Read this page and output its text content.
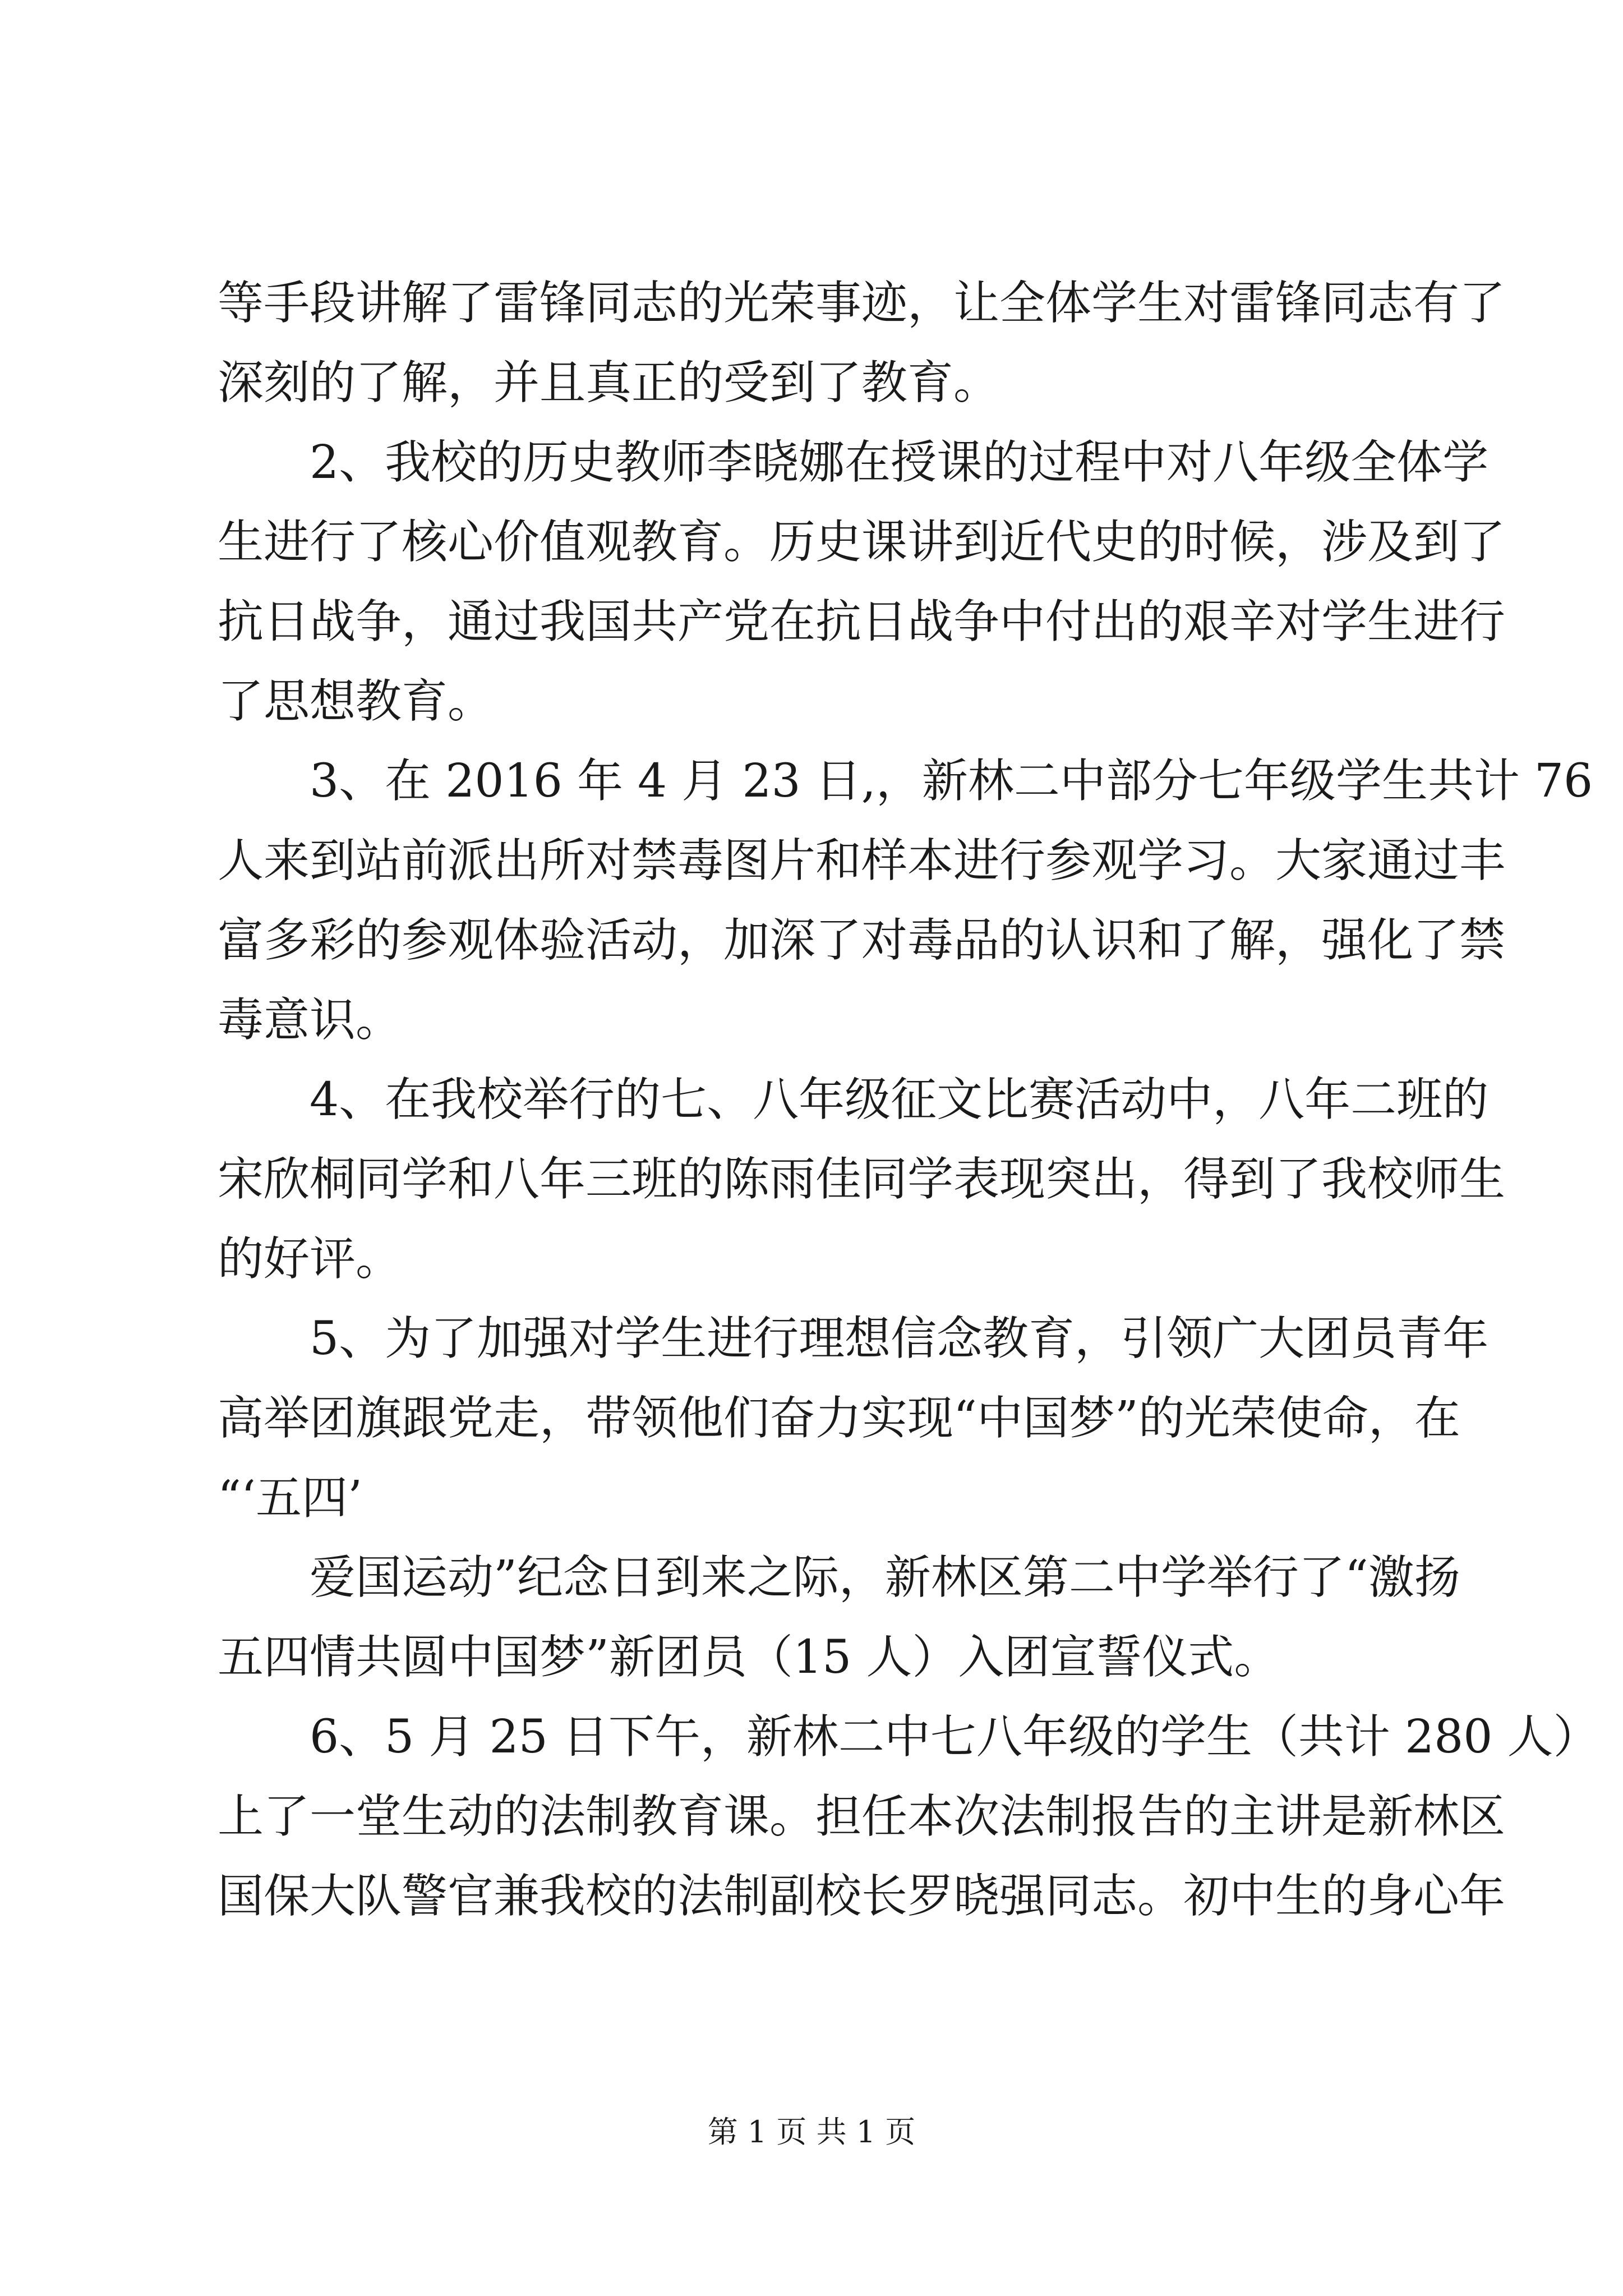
等手段讲解了雷锋同志的光荣事迹，让全体学生对雷锋同志有了
深刻的了解，并且真正的受到了教育。
2、我校的历史教师李晓娜在授课的过程中对八年级全体学
生进行了核心价值观教育。历史课讲到近代史的时候，涉及到了
抗日战争，通过我国共产党在抗日战争中付出的艰辛对学生进行
了思想教育。
3、在 2016 年 4 月 23 日,，新林二中部分七年级学生共计 76
人来到站前派出所对禁毒图片和样本进行参观学习。大家通过丰
富多彩的参观体验活动，加深了对毒品的认识和了解，强化了禁
毒意识。
4、在我校举行的七、八年级征文比赛活动中，八年二班的
宋欣桐同学和八年三班的陈雨佳同学表现突出，得到了我校师生
的好评。
5、为了加强对学生进行理想信念教育，引领广大团员青年
高举团旗跟党走，带领他们奋力实现“中国梦”的光荣使命，在
“‘五四’
爱国运动”纪念日到来之际，新林区第二中学举行了“激扬
五四情共圆中国梦”新团员（15 人）入团宣誓仪式。
6、5 月 25 日下午，新林二中七八年级的学生（共计 280 人）
上了一堂生动的法制教育课。担任本次法制报告的主讲是新林区
国保大队警官兼我校的法制副校长罗晓强同志。初中生的身心年
第 1 页 共 1 页
